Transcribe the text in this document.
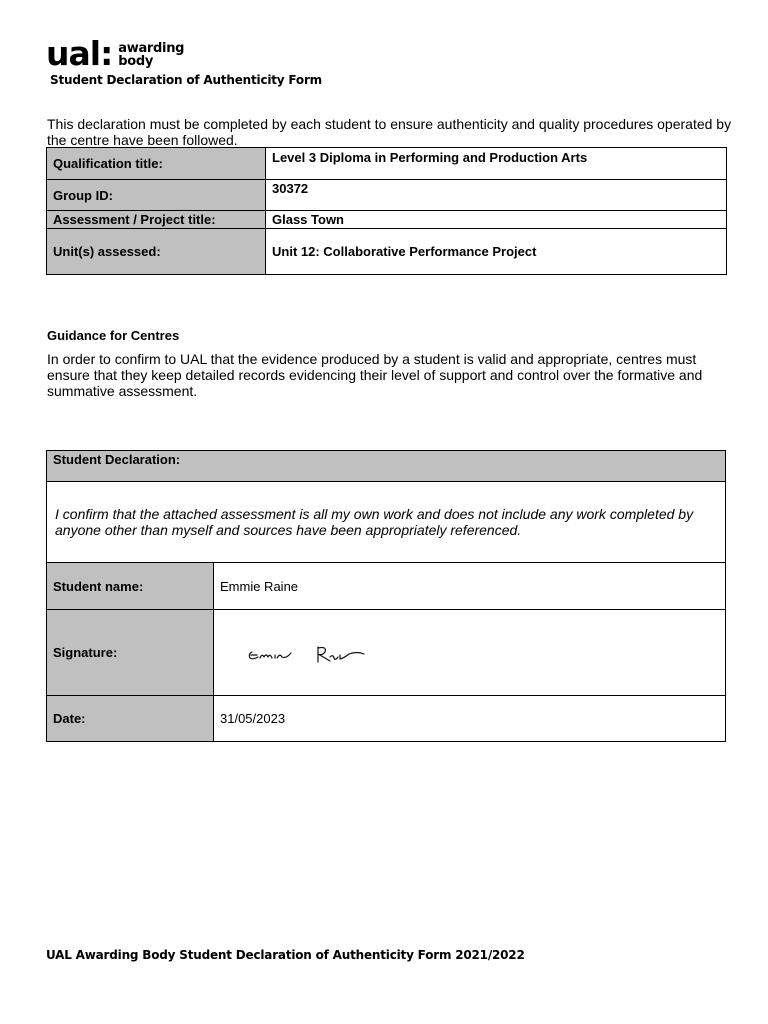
ual: awarding
body
Student Declaration of Authenticity Form
This declaration must be completed by each student to ensure authenticity and quality procedures operated by the centre have been followed.
Qualification title:	Level 3 Diploma in Performing and Production Arts
Group ID:	30372
Assessment / Project title:	Glass Town
Unit(s) assessed:	Unit 12: Collaborative Performance Project
Guidance for Centres
In order to confirm to UAL that the evidence produced by a student is valid and appropriate, centres must ensure that they keep detailed records evidencing their level of support and control over the formative and summative assessment.
Student Declaration:	
I confirm that the attached assessment is all my own work and does not include any work completed by anyone other than myself and sources have been appropriately referenced.	
Student name:	Emmie Raine
Signature:	

Date:	31/05/2023
UAL Awarding Body Student Declaration of Authenticity Form 2021/2022
